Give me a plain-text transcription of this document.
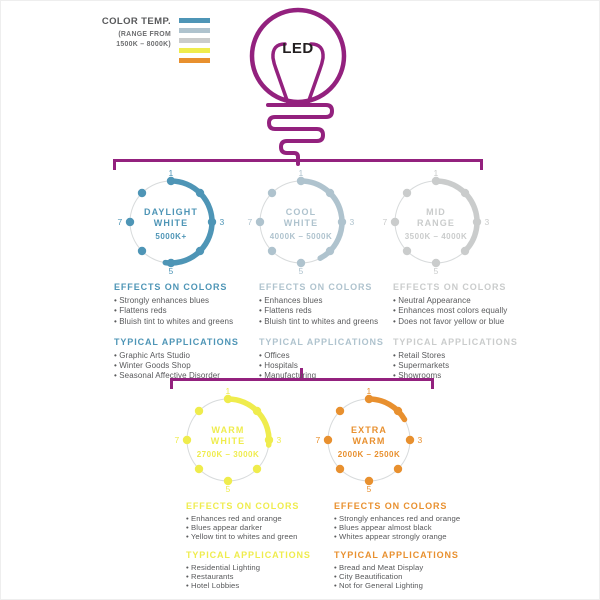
COLOR TEMP.
(RANGE FROM
1500K – 8000K)	LED
1
3
5
7
DAYLIGHT
WHITE
5000K+
1
3
5
7
COOL
WHITE
4000K – 5000K
1
3
5
7
MID
RANGE
3500K – 4000K
1
3
5
7
WARM
WHITE
2700K – 3000K
1
3
5
7
EXTRA
WARM
2000K – 2500K
EFFECTS ON COLORS
• Strongly enhances blues
• Flattens reds
• Bluish tint to whites and greens
TYPICAL APPLICATIONS
• Graphic Arts Studio
• Winter Goods Shop
• Seasonal Affective Disorder
EFFECTS ON COLORS
• Enhances blues
• Flattens reds
• Bluish tint to whites and greens
TYPICAL APPLICATIONS
• Offices
• Hospitals
• Manufacturing
EFFECTS ON COLORS
• Neutral Appearance
• Enhances most colors equally
• Does not favor yellow or blue
TYPICAL APPLICATIONS
• Retail Stores
• Supermarkets
• Showrooms
EFFECTS ON COLORS
• Enhances red and orange
• Blues appear darker
• Yellow tint to whites and green
TYPICAL APPLICATIONS
• Residential Lighting
• Restaurants
• Hotel Lobbies
EFFECTS ON COLORS
• Strongly enhances red and orange
• Blues appear almost black
• Whites appear strongly orange
TYPICAL APPLICATIONS
• Bread and Meat Display
• City Beautification
• Not for General Lighting
